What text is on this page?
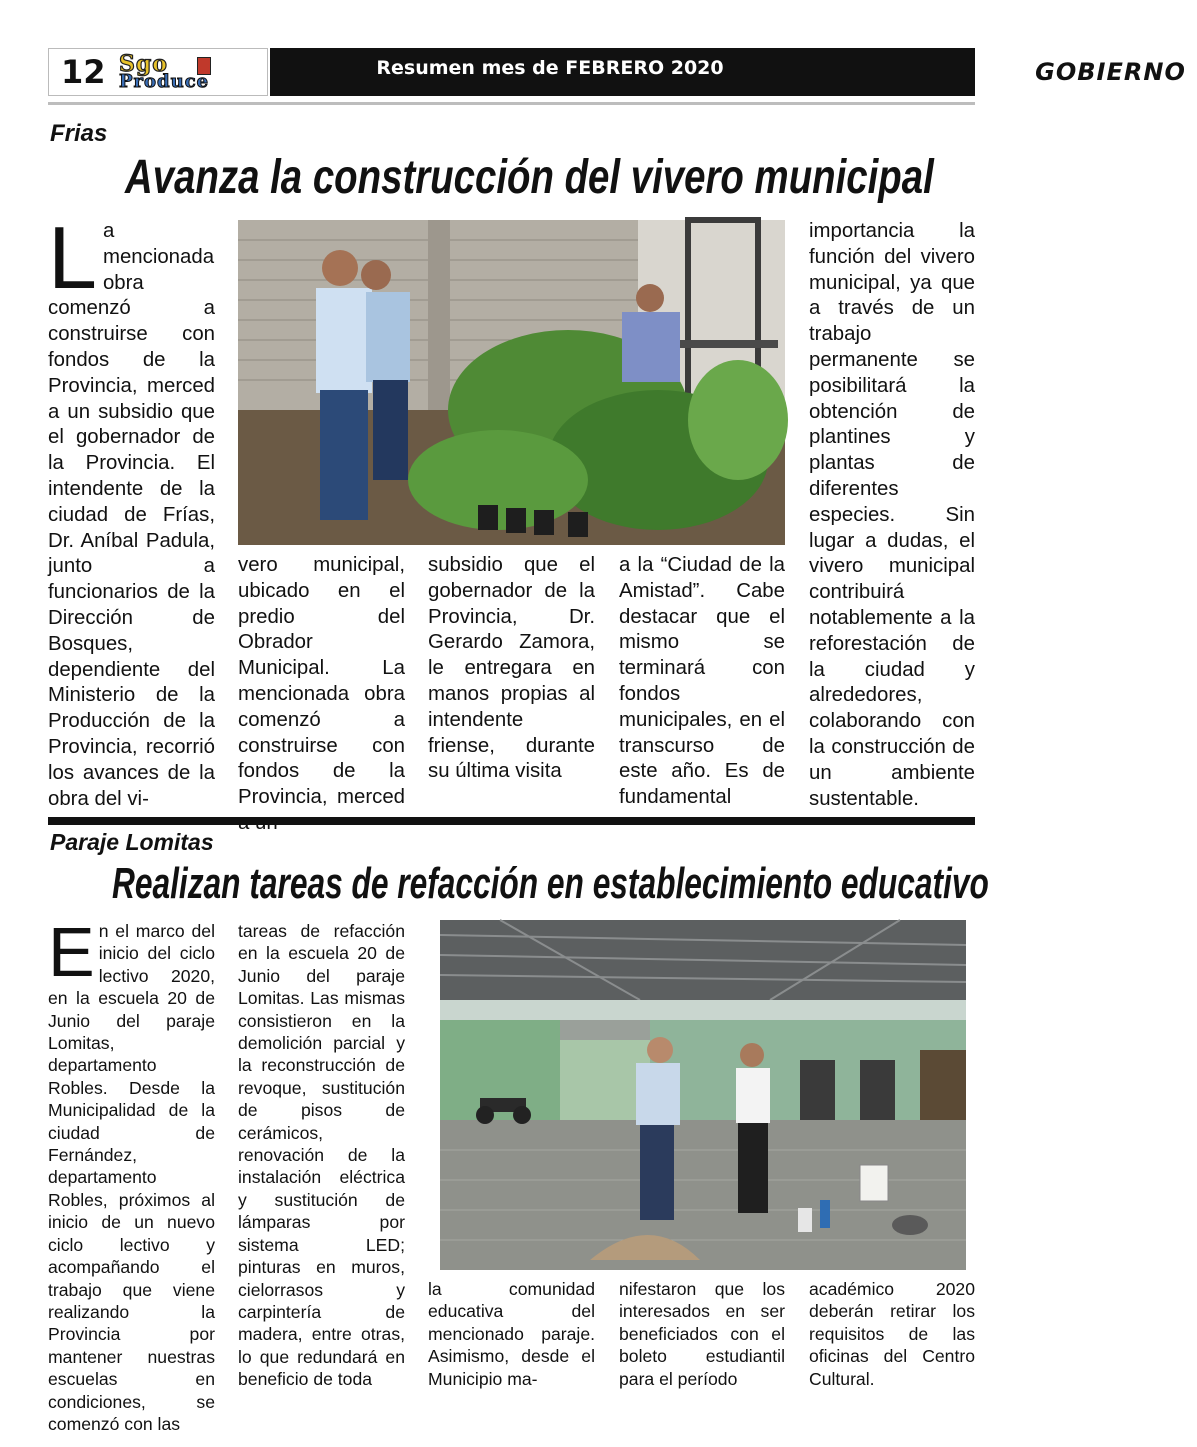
12 Sgo
Produce
Resumen mes de FEBRERO 2020	GOBIERNO
Frias
Avanza la construcción del vivero municipal
L a mencionada obra comenzó a construirse con fondos de la Provincia, merced a un subsidio que el gobernador de la Provincia. El intendente de la ciudad de Frías, Dr. Aníbal Padula, junto a funcionarios de la Dirección de Bosques, dependiente del Ministerio de la Producción de la Provincia, recorrió los avances de la obra del vi-
vero municipal, ubicado en el predio del Obrador Municipal. La mencionada obra comenzó a construirse con fondos de la Provincia, merced
subsidio que el gobernador de la Provincia, Dr. Gerardo Zamora, le entregara en manos propias al intendente friense, durante su última visita
a la “Ciudad de la Amistad”. Cabe destacar que el mismo se terminará con fondos municipales, en el transcurso de este año. Es de fundamental
importancia la función del vivero municipal, ya que a través de un trabajo permanente se posibilitará la obtención de plantines y plantas de diferentes especies. Sin lugar a dudas, el vivero municipal contribuirá notablemente a la reforestación de la ciudad y alrededores, colaborando con la construcción de un ambiente sustentable.
Paraje Lomitas
Realizan tareas de refacción en establecimiento educativo
E n el marco del inicio del ciclo lectivo 2020, en la escuela 20 de Junio del paraje Lomitas, departamento Robles. Desde la Municipalidad de la ciudad de Fernández, departamento Robles, próximos al inicio de un nuevo ciclo lectivo y acompañando el trabajo que viene realizando la Provincia por mantener nuestras escuelas en condiciones, se comenzó con las
tareas de refacción en la escuela 20 de Junio del paraje Lomitas. Las mismas consistieron en la demolición parcial y la reconstrucción de revoque, sustitución de pisos de cerámicos, renovación de la instalación eléctrica y sustitución de lámparas por sistema LED; pinturas en muros, cielorrasos y carpintería de madera, entre otras, lo que redundará en beneficio de toda
la comunidad educativa del mencionado paraje. Asimismo, desde el Municipio ma-
nifestaron que los interesados en ser beneficiados con el boleto estudiantil para el período
académico 2020 deberán retirar los requisitos de las oficinas del Centro Cultural.
